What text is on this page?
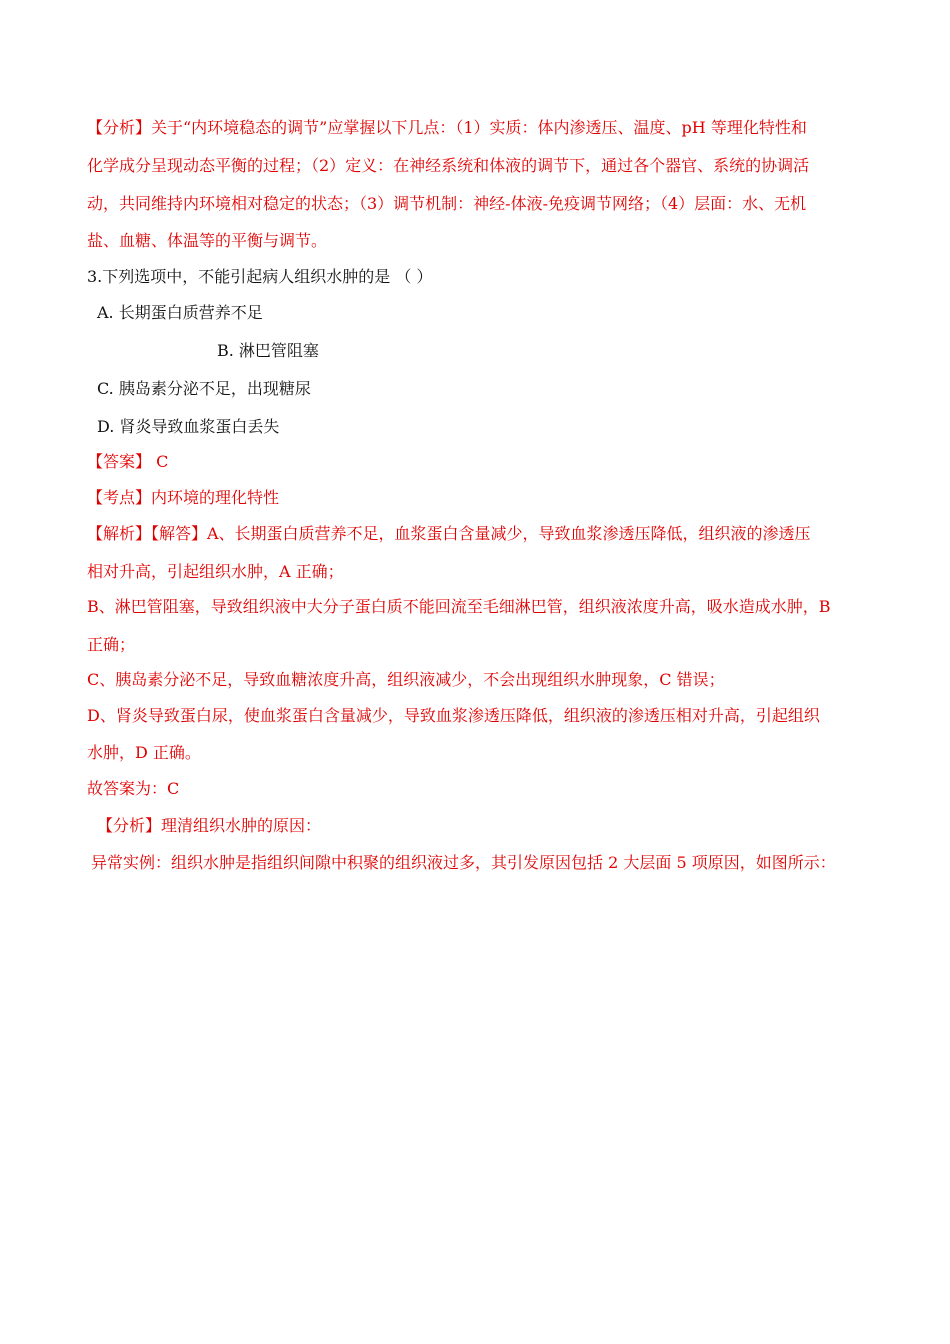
【分析】关于“内环境稳态的调节”应掌握以下几点：（1）实质：体内渗透压、温度、pH 等理化特性和
化学成分呈现动态平衡的过程；（2）定义：在神经系统和体液的调节下，通过各个器官、系统的协调活
动，共同维持内环境相对稳定的状态；（3）调节机制：神经-体液-免疫调节网络；（4）层面：水、无机
盐、血糖、体温等的平衡与调节。
3.下列选项中，不能引起病人组织水肿的是 （ ）
A. 长期蛋白质营养不足
B. 淋巴管阻塞
C. 胰岛素分泌不足，出现糖尿
D. 肾炎导致血浆蛋白丢失
【答案】 C
【考点】内环境的理化特性
【解析】【解答】A、长期蛋白质营养不足，血浆蛋白含量减少，导致血浆渗透压降低，组织液的渗透压
相对升高，引起组织水肿，A 正确；
B、淋巴管阻塞，导致组织液中大分子蛋白质不能回流至毛细淋巴管，组织液浓度升高，吸水造成水肿，B
正确；
C、胰岛素分泌不足，导致血糖浓度升高，组织液减少，不会出现组织水肿现象，C 错误；
D、肾炎导致蛋白尿，使血浆蛋白含量减少，导致血浆渗透压降低，组织液的渗透压相对升高，引起组织
水肿，D 正确。
故答案为：C
【分析】理清组织水肿的原因：
异常实例：组织水肿是指组织间隙中积聚的组织液过多，其引发原因包括 2 大层面 5 项原因，如图所示：
